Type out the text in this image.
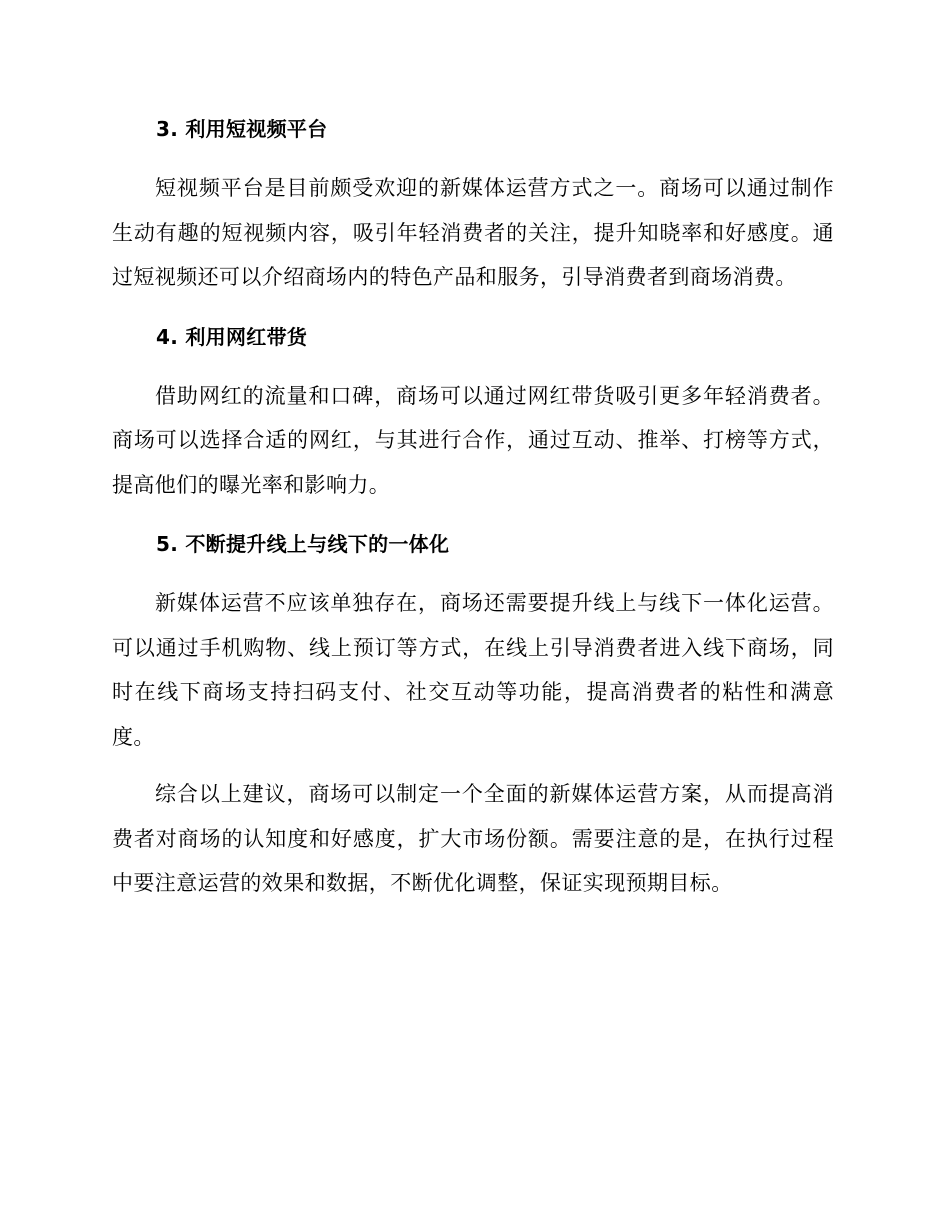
3. 利用短视频平台

短视频平台是目前颇受欢迎的新媒体运营方式之一。商场可以通过制作生动有趣的短视频内容，吸引年轻消费者的关注，提升知晓率和好感度。通过短视频还可以介绍商场内的特色产品和服务，引导消费者到商场消费。

4. 利用网红带货

借助网红的流量和口碑，商场可以通过网红带货吸引更多年轻消费者。商场可以选择合适的网红，与其进行合作，通过互动、推举、打榜等方式，提高他们的曝光率和影响力。

5. 不断提升线上与线下的一体化

新媒体运营不应该单独存在，商场还需要提升线上与线下一体化运营。可以通过手机购物、线上预订等方式，在线上引导消费者进入线下商场，同时在线下商场支持扫码支付、社交互动等功能，提高消费者的粘性和满意度。

综合以上建议，商场可以制定一个全面的新媒体运营方案，从而提高消费者对商场的认知度和好感度，扩大市场份额。需要注意的是，在执行过程中要注意运营的效果和数据，不断优化调整，保证实现预期目标。
